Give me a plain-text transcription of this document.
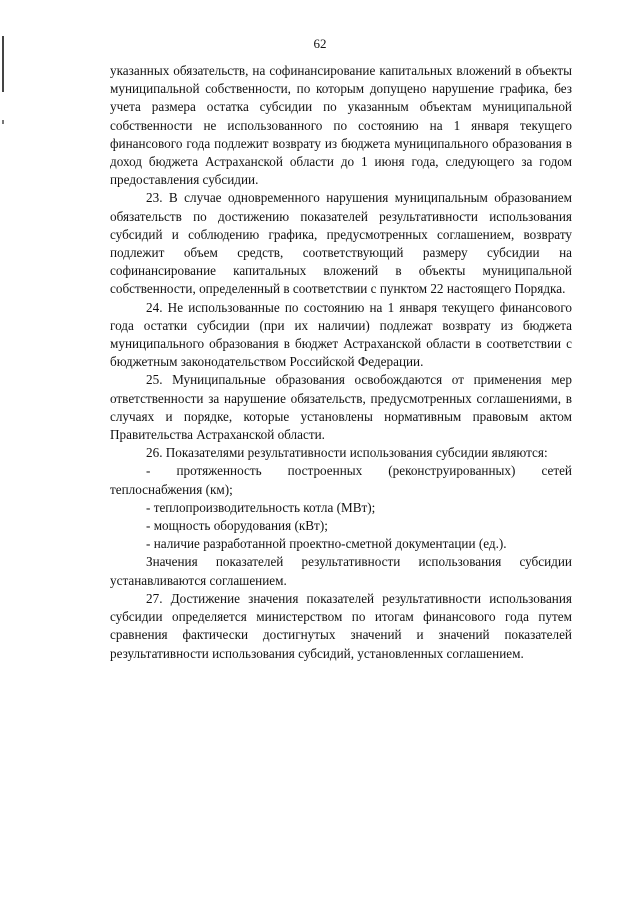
62

указанных обязательств, на софинансирование капитальных вложений в объекты муниципальной собственности, по которым допущено нарушение графика, без учета размера остатка субсидии по указанным объектам муниципальной собственности не использованного по состоянию на 1 января текущего финансового года подлежит возврату из бюджета муниципального образования в доход бюджета Астраханской области до 1 июня года, следующего за годом предоставления субсидии.

23. В случае одновременного нарушения муниципальным образованием обязательств по достижению показателей результативности использования субсидий и соблюдению графика, предусмотренных соглашением, возврату подлежит объем средств, соответствующий размеру субсидии на софинансирование капитальных вложений в объекты муниципальной собственности, определенный в соответствии с пунктом 22 настоящего Порядка.

24. Не использованные по состоянию на 1 января текущего финансового года остатки субсидии (при их наличии) подлежат возврату из бюджета муниципального образования в бюджет Астраханской области в соответствии с бюджетным законодательством Российской Федерации.

25. Муниципальные образования освобождаются от применения мер ответственности за нарушение обязательств, предусмотренных соглашениями, в случаях и порядке, которые установлены нормативным правовым актом Правительства Астраханской области.

26. Показателями результативности использования субсидии являются:

- протяженность построенных (реконструированных) сетей теплоснабжения (км);

- теплопроизводительность котла (МВт);

- мощность оборудования (кВт);

- наличие разработанной проектно-сметной документации (ед.).

Значения показателей результативности использования субсидии устанавливаются соглашением.

27. Достижение значения показателей результативности использования субсидии определяется министерством по итогам финансового года путем сравнения фактически достигнутых значений и значений показателей результативности использования субсидий, установленных соглашением.
